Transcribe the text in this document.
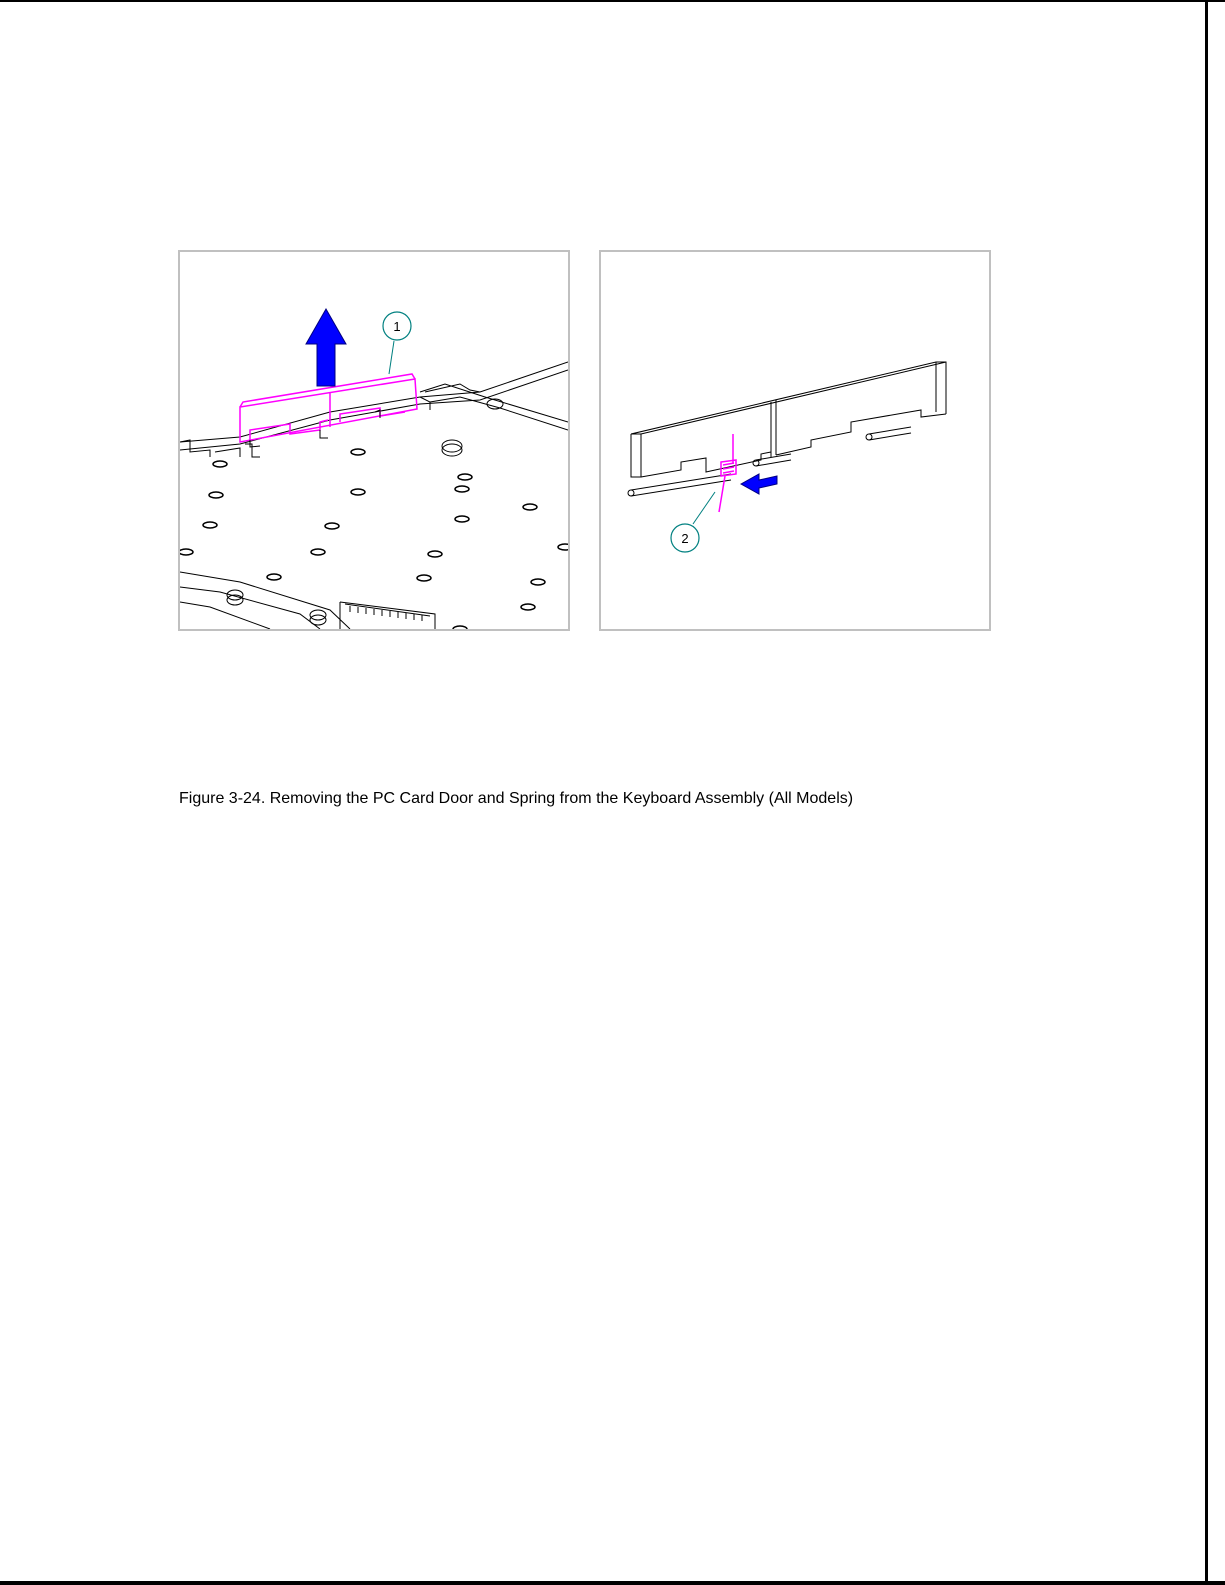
1
2
Figure 3-24. Removing the PC Card Door and Spring from the Keyboard Assembly (All Models)
